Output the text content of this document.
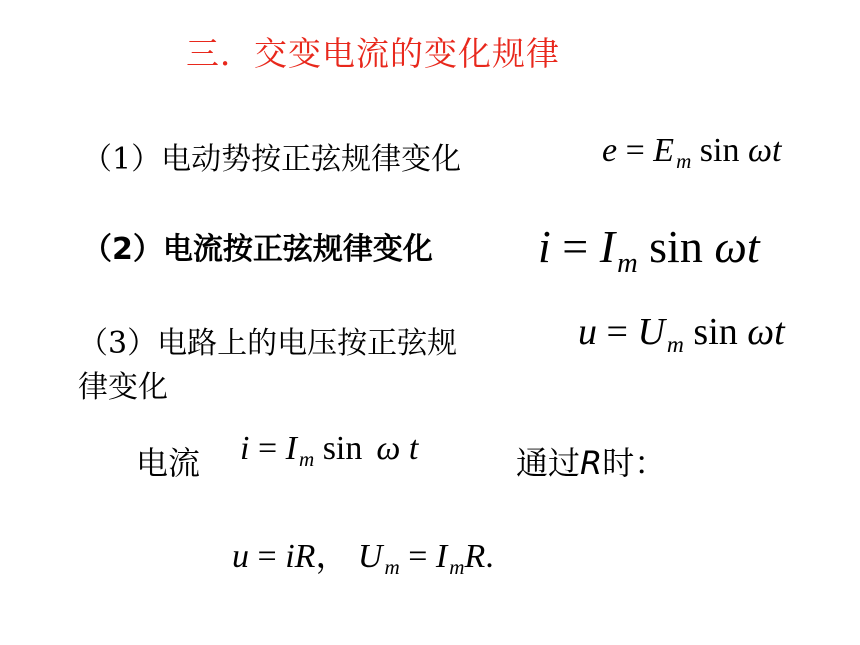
三．交变电流的变化规律
（1）电动势按正弦规律变化	$e = E_m$ sin ωt
（2）电流按正弦规律变化 $i = I_m$ sin ωt
（3）电路上的电压按正弦规
律变化
$u = U_m$ sin ωt
电流 $i = I_m$ sin ω t	通过R时：
u = iR， $U_m = I_mR$.
